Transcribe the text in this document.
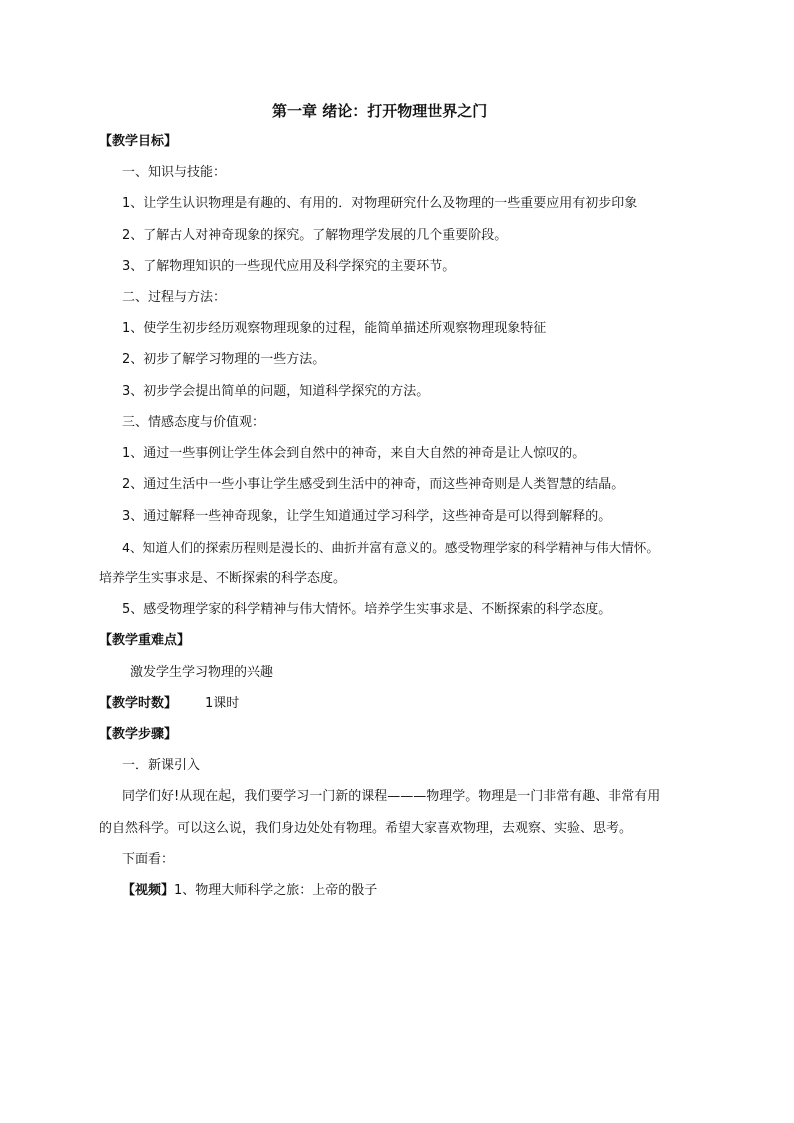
第一章 绪论：打开物理世界之门
【教学目标】
一、知识与技能：
1、让学生认识物理是有趣的、有用的．对物理研究什么及物理的一些重要应用有初步印象
2、了解古人对神奇现象的探究。了解物理学发展的几个重要阶段。
3、了解物理知识的一些现代应用及科学探究的主要环节。
二、过程与方法：
1、使学生初步经历观察物理现象的过程，能简单描述所观察物理现象特征
2、初步了解学习物理的一些方法。
3、初步学会提出简单的问题，知道科学探究的方法。
三、情感态度与价值观：
1、通过一些事例让学生体会到自然中的神奇，来自大自然的神奇是让人惊叹的。
2、通过生活中一些小事让学生感受到生活中的神奇，而这些神奇则是人类智慧的结晶。
3、通过解释一些神奇现象，让学生知道通过学习科学，这些神奇是可以得到解释的。
4、知道人们的探索历程则是漫长的、曲折并富有意义的。感受物理学家的科学精神与伟大情怀。
培养学生实事求是、不断探索的科学态度。
5、感受物理学家的科学精神与伟大情怀。培养学生实事求是、不断探索的科学态度。
【教学重难点】
激发学生学习物理的兴趣
【教学时数】 1课时
【教学步骤】
一．新课引入
同学们好!从现在起，我们要学习一门新的课程———物理学。物理是一门非常有趣、非常有用
的自然科学。可以这么说，我们身边处处有物理。希望大家喜欢物理，去观察、实验、思考。
下面看：
【视频】1、物理大师科学之旅：上帝的骰子
